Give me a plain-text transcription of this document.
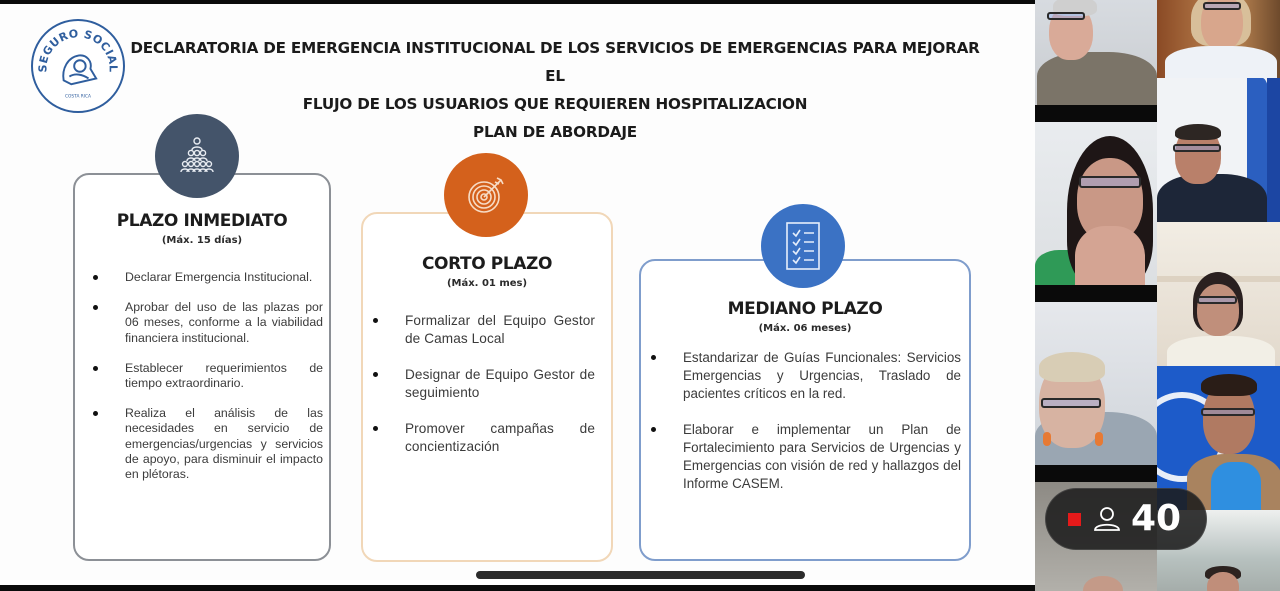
SEGURO SOCIAL
COSTA RICA
DECLARATORIA DE EMERGENCIA INSTITUCIONAL DE LOS SERVICIOS DE EMERGENCIAS PARA MEJORAR EL
FLUJO DE LOS USUARIOS QUE REQUIEREN HOSPITALIZACION
PLAN DE ABORDAJE
PLAZO INMEDIATO
(Máx. 15 días)
Declarar Emergencia Institucional.
Aprobar del uso de las plazas por 06 meses, conforme a la viabilidad financiera institucional.
Establecer requerimientos de tiempo extraordinario.
Realiza el análisis de las necesidades en servicio de emergencias/urgencias y servicios de apoyo, para disminuir el impacto en plétoras.
CORTO PLAZO
(Máx. 01 mes)
Formalizar del Equipo Gestor de Camas Local
Designar de Equipo Gestor de seguimiento
Promover campañas de concientización
MEDIANO PLAZO
(Máx. 06 meses)
Estandarizar de Guías Funcionales: Servicios Emergencias y Urgencias, Traslado de pacientes críticos en la red.
Elaborar e implementar un Plan de Fortalecimiento para Servicios de Urgencias y Emergencias con visión de red y hallazgos del Informe CASEM.
40
